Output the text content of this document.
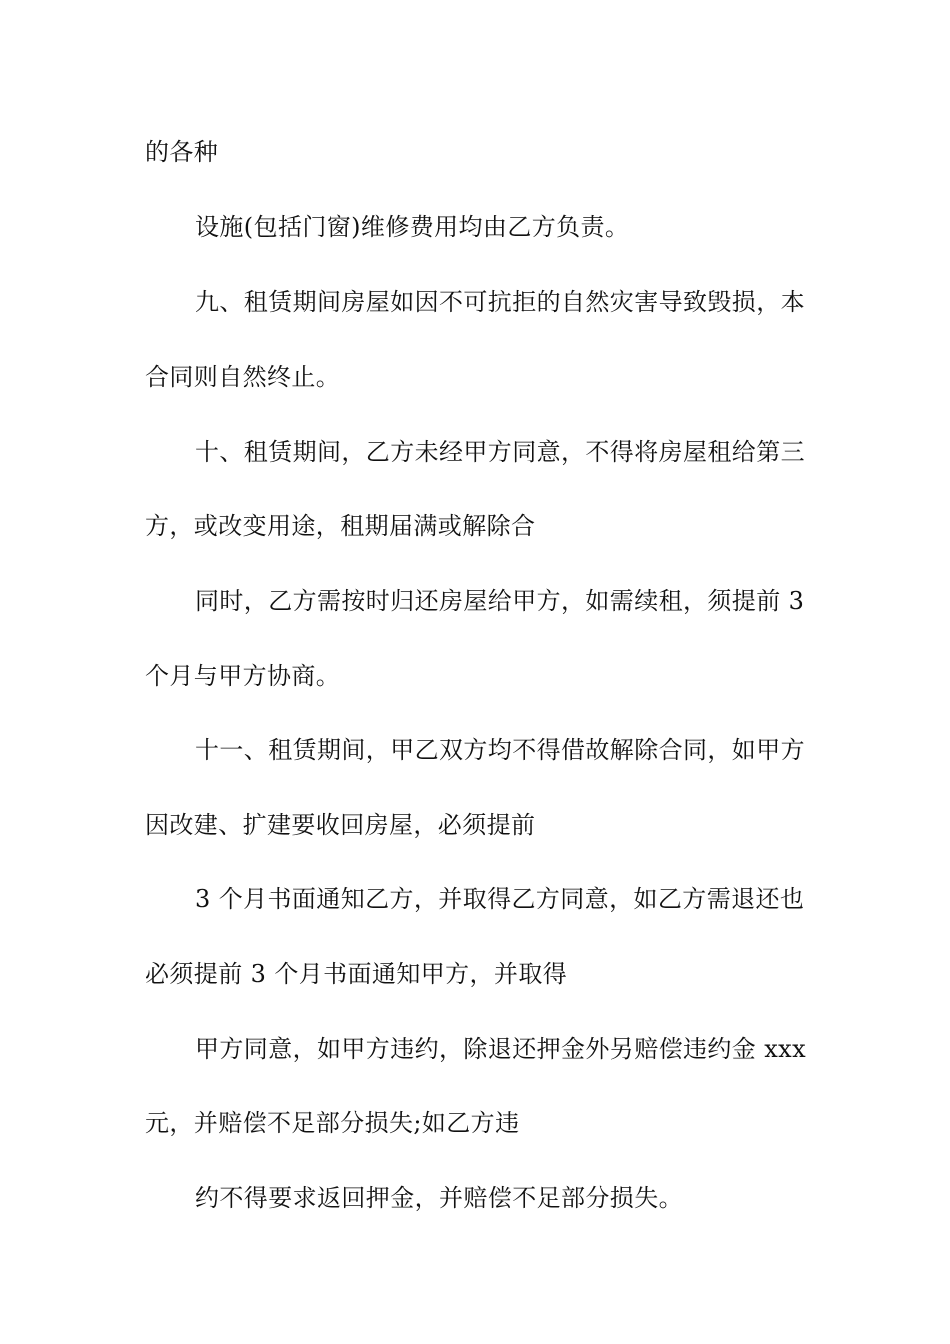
的各种
设施(包括门窗)维修费用均由乙方负责。
九、租赁期间房屋如因不可抗拒的自然灾害导致毁损，本
合同则自然终止。
十、租赁期间，乙方未经甲方同意，不得将房屋租给第三
方，或改变用途，租期届满或解除合
同时，乙方需按时归还房屋给甲方，如需续租，须提前 3
个月与甲方协商。
十一、租赁期间，甲乙双方均不得借故解除合同，如甲方
因改建、扩建要收回房屋，必须提前
3 个月书面通知乙方，并取得乙方同意，如乙方需退还也
必须提前 3 个月书面通知甲方，并取得
甲方同意，如甲方违约，除退还押金外另赔偿违约金 xxx
元，并赔偿不足部分损失;如乙方违
约不得要求返回押金，并赔偿不足部分损失。
